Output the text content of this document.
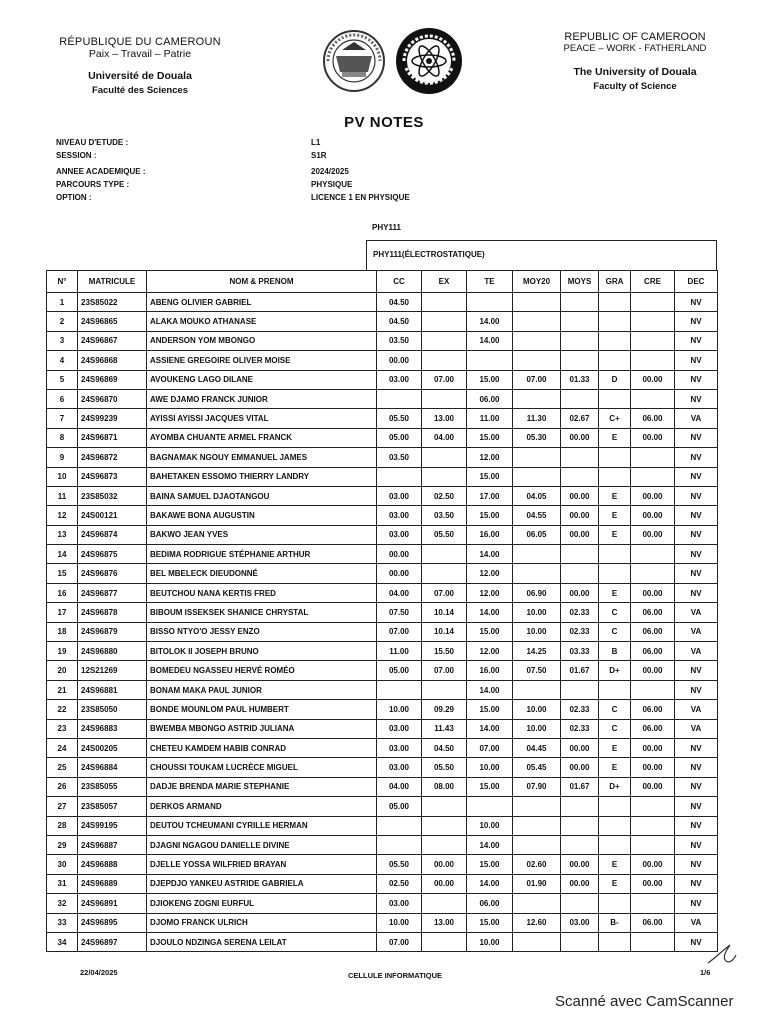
RÉPUBLIQUE DU CAMEROUN
Paix – Travail – Patrie
Université de Douala
Faculté des Sciences
REPUBLIC OF CAMEROON
PEACE – WORK - FATHERLAND
The University of Douala
Faculty of Science
PV NOTES
NIVEAU D'ETUDE :	L1
SESSION :	S1R
ANNEE ACADEMIQUE :	2024/2025
PARCOURS TYPE :	PHYSIQUE
OPTION :	LICENCE 1 EN PHYSIQUE
PHY111
PHY111(ÉLECTROSTATIQUE)
N°	MATRICULE	NOM & PRENOM	CC	EX	TE	MOY20	MOYS	GRA	CRE	DEC
1	23S85022	ABENG OLIVIER GABRIEL	04.50							NV
2	24S96865	ALAKA MOUKO ATHANASE	04.50		14.00					NV
3	24S96867	ANDERSON YOM MBONGO	03.50		14.00					NV
4	24S96868	ASSIENE GREGOIRE OLIVER MOISE	00.00							NV
5	24S96869	AVOUKENG LAGO DILANE	03.00	07.00	15.00	07.00	01.33	D	00.00	NV
6	24S96870	AWE DJAMO FRANCK JUNIOR			06.00					NV
7	24S99239	AYISSI AYISSI JACQUES VITAL	05.50	13.00	11.00	11.30	02.67	C+	06.00	VA
8	24S96871	AYOMBA CHUANTE ARMEL FRANCK	05.00	04.00	15.00	05.30	00.00	E	00.00	NV
9	24S96872	BAGNAMAK NGOUY EMMANUEL JAMES	03.50		12.00					NV
10	24S96873	BAHETAKEN ESSOMO THIERRY LANDRY			15.00					NV
11	23S85032	BAINA SAMUEL DJAOTANGOU	03.00	02.50	17.00	04.05	00.00	E	00.00	NV
12	24S00121	BAKAWE BONA AUGUSTIN	03.00	03.50	15.00	04.55	00.00	E	00.00	NV
13	24S96874	BAKWO JEAN YVES	03.00	05.50	16.00	06.05	00.00	E	00.00	NV
14	24S96875	BEDIMA RODRIGUE STÉPHANIE ARTHUR	00.00		14.00					NV
15	24S96876	BEL MBELECK DIEUDONNÉ	00.00		12.00					NV
16	24S96877	BEUTCHOU NANA KERTIS FRED	04.00	07.00	12.00	06.90	00.00	E	00.00	NV
17	24S96878	BIBOUM ISSEKSEK SHANICE CHRYSTAL	07.50	10.14	14.00	10.00	02.33	C	06.00	VA
18	24S96879	BISSO NTYO'O JESSY ENZO	07.00	10.14	15.00	10.00	02.33	C	06.00	VA
19	24S96880	BITOLOK II JOSEPH BRUNO	11.00	15.50	12.00	14.25	03.33	B	06.00	VA
20	12S21269	BOMEDEU NGASSEU HERVÉ ROMÉO	05.00	07.00	16.00	07.50	01.67	D+	00.00	NV
21	24S96881	BONAM MAKA PAUL JUNIOR			14.00					NV
22	23S85050	BONDE MOUNLOM PAUL HUMBERT	10.00	09.29	15.00	10.00	02.33	C	06.00	VA
23	24S96883	BWEMBA MBONGO ASTRID JULIANA	03.00	11.43	14.00	10.00	02.33	C	06.00	VA
24	24S00205	CHETEU KAMDEM HABIB CONRAD	03.00	04.50	07.00	04.45	00.00	E	00.00	NV
25	24S96884	CHOUSSI TOUKAM LUCRÈCE MIGUEL	03.00	05.50	10.00	05.45	00.00	E	00.00	NV
26	23S85055	DADJE BRENDA MARIE STEPHANIE	04.00	08.00	15.00	07.90	01.67	D+	00.00	NV
27	23S85057	DERKOS ARMAND	05.00							NV
28	24S99195	DEUTOU TCHEUMANI CYRILLE HERMAN			10.00					NV
29	24S96887	DJAGNI NGAGOU DANIELLE DIVINE			14.00					NV
30	24S96888	DJELLE YOSSA WILFRIED BRAYAN	05.50	00.00	15.00	02.60	00.00	E	00.00	NV
31	24S96889	DJEPDJO YANKEU ASTRIDE GABRIELA	02.50	00.00	14.00	01.90	00.00	E	00.00	NV
32	24S96891	DJIOKENG ZOGNI EURFUL	03.00		06.00					NV
33	24S96895	DJOMO FRANCK ULRICH	10.00	13.00	15.00	12.60	03.00	B-	06.00	VA
34	24S96897	DJOULO NDZINGA SERENA LEILAT	07.00		10.00					NV
22/04/2025	CELLULE INFORMATIQUE	1/6
Scanné avec CamScanner
